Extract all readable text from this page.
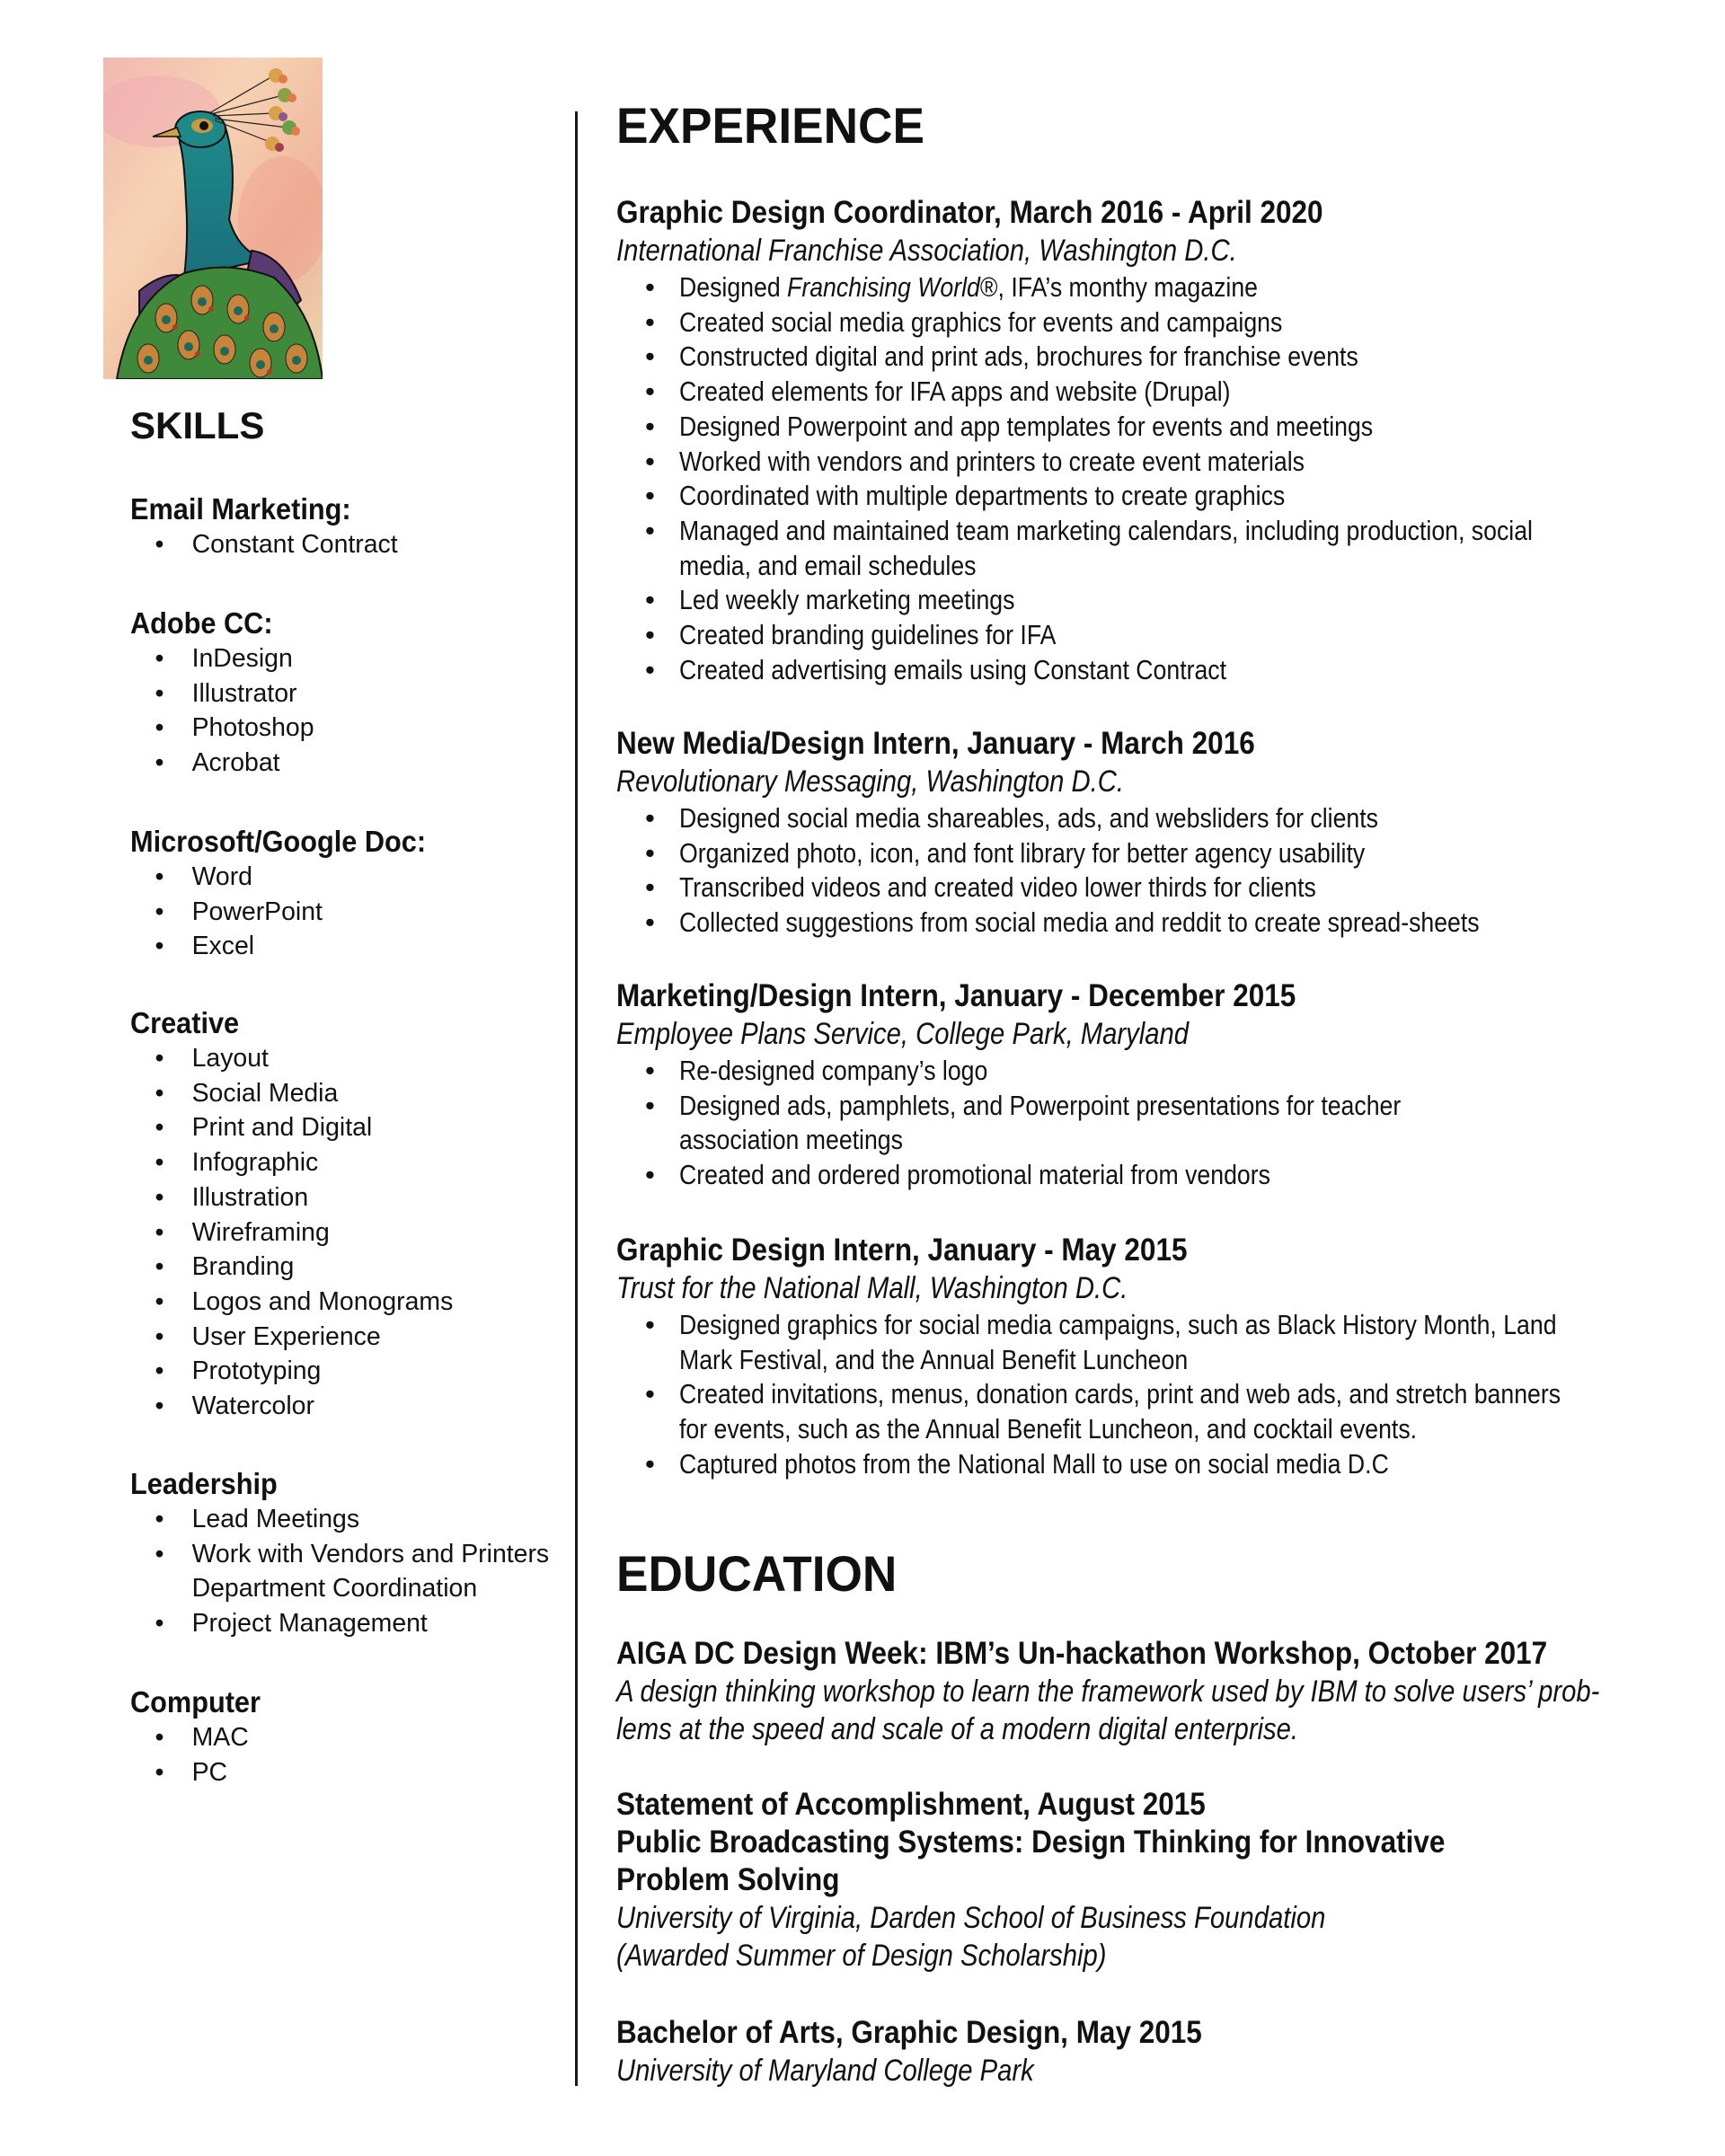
SKILLS
Email Marketing:
• Constant Contract
Adobe CC:
• InDesign
• Illustrator
• Photoshop
• Acrobat
Microsoft/Google Doc:
• Word
• PowerPoint
• Excel
Creative
• Layout
• Social Media
• Print and Digital
• Infographic
• Illustration
• Wireframing
• Branding
• Logos and Monograms
• User Experience
• Prototyping
• Watercolor
Leadership
• Lead Meetings
• Work with Vendors and Printers
Department Coordination
• Project Management
Computer
• MAC
• PC
EXPERIENCE
Graphic Design Coordinator, March 2016 - April 2020
International Franchise Association, Washington D.C.
• Designed Franchising World®, IFA’s monthy magazine
• Created social media graphics for events and campaigns
• Constructed digital and print ads, brochures for franchise events
• Created elements for IFA apps and website (Drupal)
• Designed Powerpoint and app templates for events and meetings
• Worked with vendors and printers to create event materials
• Coordinated with multiple departments to create graphics
• Managed and maintained team marketing calendars, including production, social
media, and email schedules
• Led weekly marketing meetings
• Created branding guidelines for IFA
• Created advertising emails using Constant Contract
New Media/Design Intern, January - March 2016
Revolutionary Messaging, Washington D.C.
• Designed social media shareables, ads, and websliders for clients
• Organized photo, icon, and font library for better agency usability
• Transcribed videos and created video lower thirds for clients
• Collected suggestions from social media and reddit to create spread-sheets
Marketing/Design Intern, January - December 2015
Employee Plans Service, College Park, Maryland
• Re-designed company’s logo
• Designed ads, pamphlets, and Powerpoint presentations for teacher
association meetings
• Created and ordered promotional material from vendors
Graphic Design Intern, January - May 2015
Trust for the National Mall, Washington D.C.
• Designed graphics for social media campaigns, such as Black History Month, Land
Mark Festival, and the Annual Benefit Luncheon
• Created invitations, menus, donation cards, print and web ads, and stretch banners
for events, such as the Annual Benefit Luncheon, and cocktail events.
• Captured photos from the National Mall to use on social media D.C
EDUCATION
AIGA DC Design Week: IBM’s Un-hackathon Workshop, October 2017
A design thinking workshop to learn the framework used by IBM to solve users’ prob-
lems at the speed and scale of a modern digital enterprise.
Statement of Accomplishment, August 2015
Public Broadcasting Systems: Design Thinking for Innovative
Problem Solving
University of Virginia, Darden School of Business Foundation
(Awarded Summer of Design Scholarship)
Bachelor of Arts, Graphic Design, May 2015
University of Maryland College Park
